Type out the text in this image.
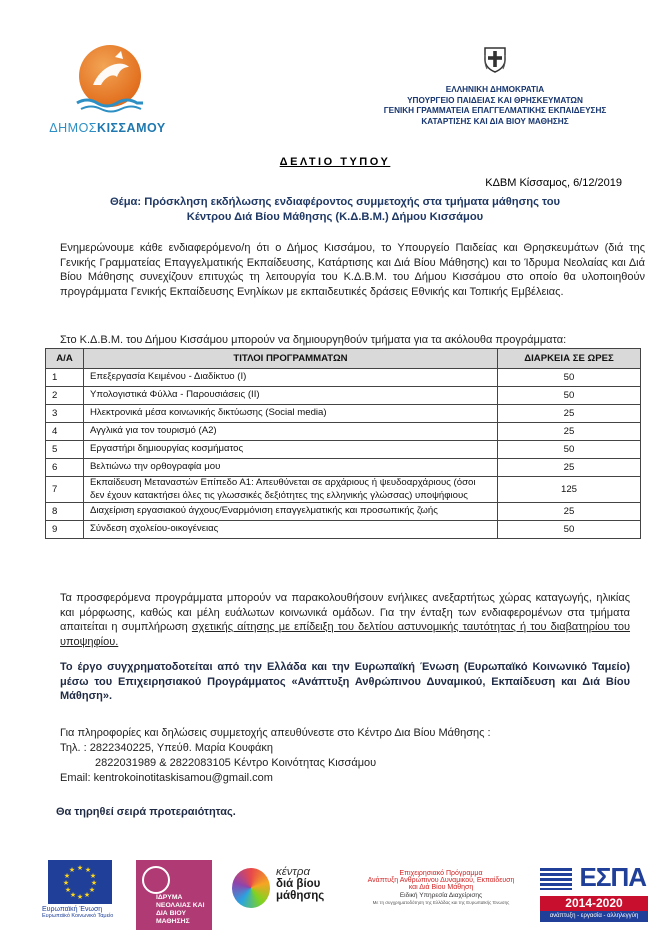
ΔΗΜΟΣΚΙΣΣΑΜΟΥ
ΕΛΛΗΝΙΚΗ ΔΗΜΟΚΡΑΤΙΑ
ΥΠΟΥΡΓΕΙΟ ΠΑΙΔΕΙΑΣ ΚΑΙ ΘΡΗΣΚΕΥΜΑΤΩΝ
ΓΕΝΙΚΗ ΓΡΑΜΜΑΤΕΙΑ ΕΠΑΓΓΕΛΜΑΤΙΚΗΣ ΕΚΠΑΙΔΕΥΣΗΣ
ΚΑΤΑΡΤΙΣΗΣ ΚΑΙ ΔΙΑ ΒΙΟΥ ΜΑΘΗΣΗΣ
ΔΕΛΤΙΟ ΤΥΠΟΥ
ΚΔΒΜ Κίσσαμος, 6/12/2019
Θέμα: Πρόσκληση εκδήλωσης ενδιαφέροντος συμμετοχής στα τμήματα μάθησης του
Κέντρου Διά Βίου Μάθησης (Κ.Δ.Β.Μ.) Δήμου Κισσάμου
Ενημερώνουμε κάθε ενδιαφερόμενο/η ότι ο Δήμος Κισσάμου, το Υπουργείο Παιδείας και Θρησκευμάτων (διά της Γενικής Γραμματείας Επαγγελματικής Εκπαίδευσης, Κατάρτισης και Διά Βίου Μάθησης) και το Ίδρυμα Νεολαίας και Διά Βίου Μάθησης συνεχίζουν επιτυχώς τη λειτουργία του Κ.Δ.Β.Μ. του Δήμου Κισσάμου στο οποίο θα υλοποιηθούν προγράμματα Γενικής Εκπαίδευσης Ενηλίκων με εκπαιδευτικές δράσεις Εθνικής και Τοπικής Εμβέλειας.
Στο Κ.Δ.Β.Μ. του Δήμου Κισσάμου μπορούν να δημιουργηθούν τμήματα για τα ακόλουθα προγράμματα:
Α/Α	ΤΙΤΛΟΙ ΠΡΟΓΡΑΜΜΑΤΩΝ	ΔΙΑΡΚΕΙΑ ΣΕ ΩΡΕΣ
1	Επεξεργασία Κειμένου - Διαδίκτυο (I)	50
2	Υπολογιστικά Φύλλα - Παρουσιάσεις (II)	50
3	Ηλεκτρονικά μέσα κοινωνικής δικτύωσης (Social media)	25
4	Αγγλικά για τον τουρισμό (A2)	25
5	Εργαστήρι δημιουργίας κοσμήματος	50
6	Βελτιώνω την ορθογραφία μου	25
7	Εκπαίδευση Μεταναστών Επίπεδο Α1: Απευθύνεται σε αρχάριους ή ψευδοαρχάριους (όσοι δεν έχουν κατακτήσει όλες τις γλωσσικές δεξιότητες της ελληνικής γλώσσας) υποψήφιους	125
8	Διαχείριση εργασιακού άγχους/Εναρμόνιση επαγγελματικής και προσωπικής ζωής	25
9	Σύνδεση σχολείου-οικογένειας	50
Τα προσφερόμενα προγράμματα μπορούν να παρακολουθήσουν ενήλικες ανεξαρτήτως χώρας καταγωγής, ηλικίας και μόρφωσης, καθώς και μέλη ευάλωτων κοινωνικά ομάδων. Για την ένταξη των ενδιαφερομένων στα τμήματα απαιτείται η συμπλήρωση σχετικής αίτησης με επίδειξη του δελτίου αστυνομικής ταυτότητας ή του διαβατηρίου του υποψηφίου.
Το έργο συγχρηματοδοτείται από την Ελλάδα και την Ευρωπαϊκή Ένωση (Ευρωπαϊκό Κοινωνικό Ταμείο) μέσω του Επιχειρησιακού Προγράμματος «Ανάπτυξη Ανθρώπινου Δυναμικού, Εκπαίδευση και Διά Βίου Μάθηση».
Για πληροφορίες και δηλώσεις συμμετοχής απευθύνεστε στο Κέντρο Δια Βίου Μάθησης :
Τηλ. : 2822340225, Υπεύθ. Μαρία Κουφάκη
2822031989 & 2822083105 Κέντρο Κοινότητας Κισσάμου
Email: kentrokoinotitaskisamou@gmail.com
Θα τηρηθεί σειρά προτεραιότητας.
★ ★
★
★
★
★
★
★
★
★
★
★
Ευρωπαϊκή Ένωση
Ευρωπαϊκό Κοινωνικό Ταμείο
ΙΔΡΥΜΑ ΝΕΟΛΑΙΑΣ ΚΑΙ ΔΙΑ ΒΙΟΥ ΜΑΘΗΣΗΣ
κέντρα
διά βίου
μάθησης
Επιχειρησιακό Πρόγραμμα
Ανάπτυξη Ανθρώπινου Δυναμικού, Εκπαίδευση και Διά Βίου Μάθηση
Ειδική Υπηρεσία Διαχείρισης
Με τη συγχρηματοδότηση της Ελλάδας και της Ευρωπαϊκής Ένωσης
ΕΣΠΑ
2014-2020
ανάπτυξη - εργασία - αλληλεγγύη
